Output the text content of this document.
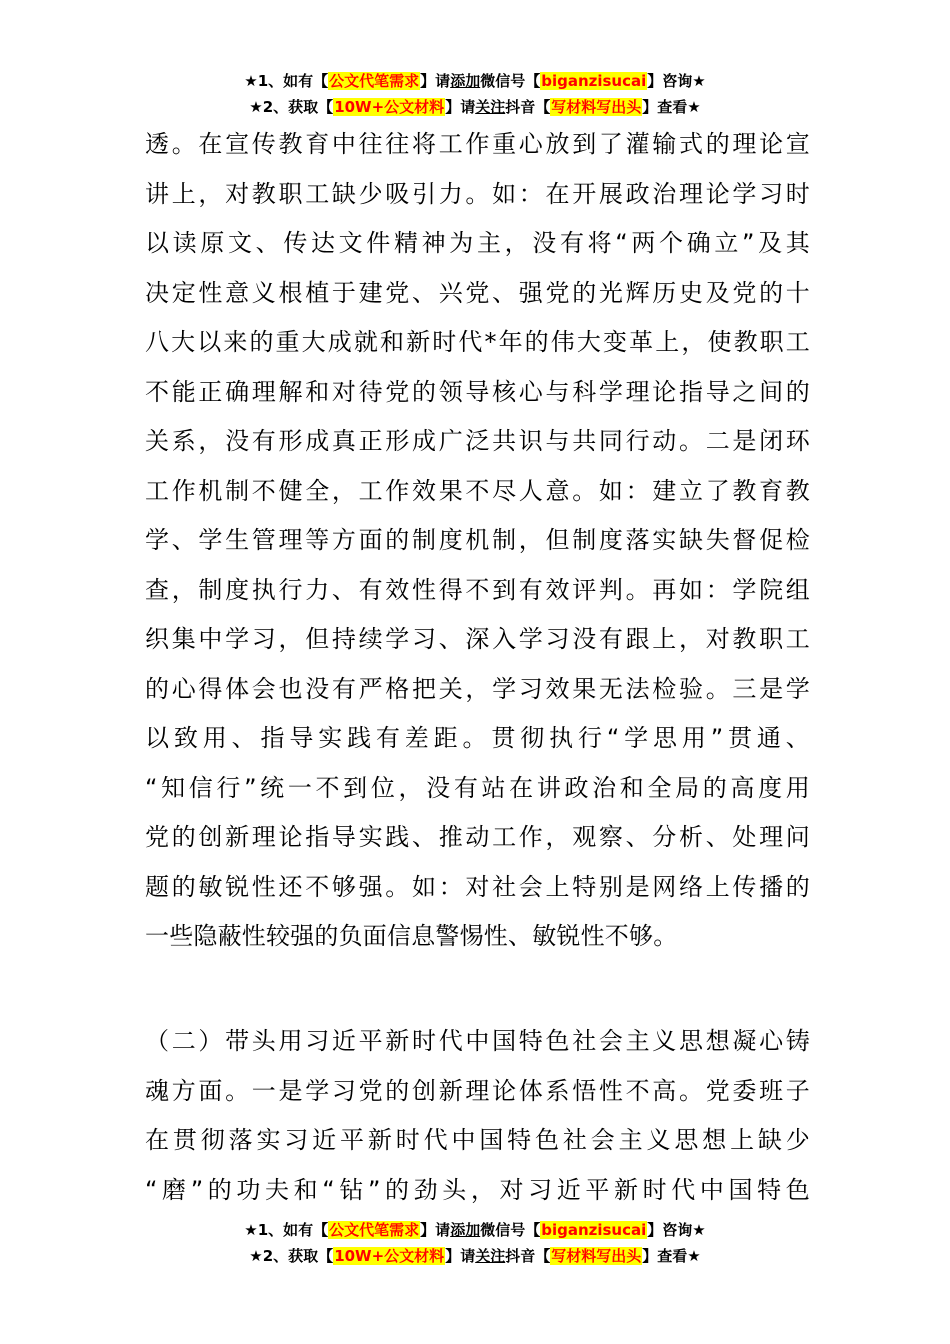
★1、如有【公文代笔需求】请添加微信号【biganzisucai】咨询★
★2、获取【10W+公文材料】请关注抖音【写材料写出头】查看★
透。在宣传教育中往往将工作重心放到了灌输式的理论宣
讲上，对教职工缺少吸引力。如：在开展政治理论学习时
以读原文、传达文件精神为主，没有将“两个确立”及其
决定性意义根植于建党、兴党、强党的光辉历史及党的十
八大以来的重大成就和新时代*年的伟大变革上，使教职工
不能正确理解和对待党的领导核心与科学理论指导之间的
关系，没有形成真正形成广泛共识与共同行动。二是闭环
工作机制不健全，工作效果不尽人意。如：建立了教育教
学、学生管理等方面的制度机制，但制度落实缺失督促检
查，制度执行力、有效性得不到有效评判。再如：学院组
织集中学习，但持续学习、深入学习没有跟上，对教职工
的心得体会也没有严格把关，学习效果无法检验。三是学
以致用、指导实践有差距。贯彻执行“学思用”贯通、
“知信行”统一不到位，没有站在讲政治和全局的高度用
党的创新理论指导实践、推动工作，观察、分析、处理问
题的敏锐性还不够强。如：对社会上特别是网络上传播的
一些隐蔽性较强的负面信息警惕性、敏锐性不够。
（二）带头用习近平新时代中国特色社会主义思想凝心铸
魂方面。一是学习党的创新理论体系悟性不高。党委班子
在贯彻落实习近平新时代中国特色社会主义思想上缺少
“磨”的功夫和“钻”的劲头，对习近平新时代中国特色
★1、如有【公文代笔需求】请添加微信号【biganzisucai】咨询★
★2、获取【10W+公文材料】请关注抖音【写材料写出头】查看★
